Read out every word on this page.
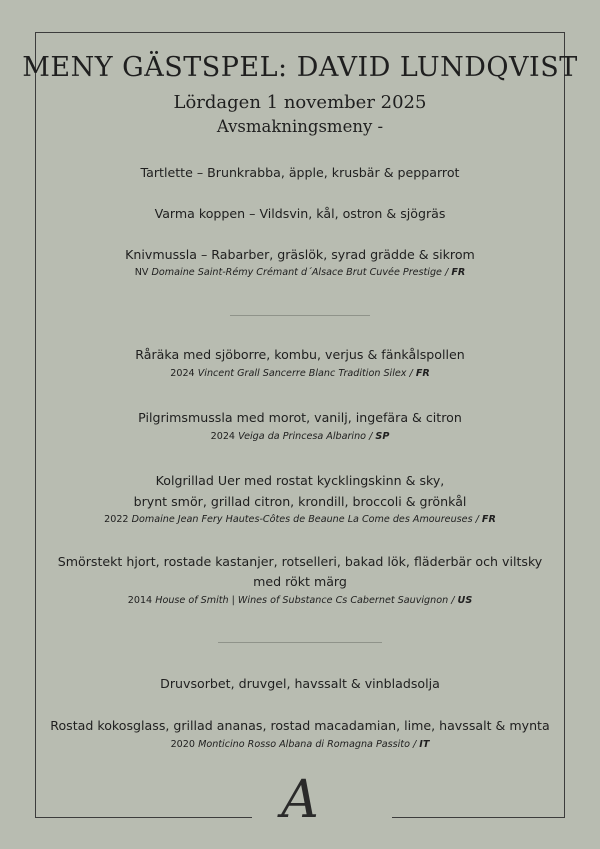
MENY GÄSTSPEL: DAVID LUNDQVIST
Lördagen 1 november 2025
Avsmakningsmeny -
Tartlette – Brunkrabba, äpple, krusbär & pepparrot
Varma koppen – Vildsvin, kål, ostron & sjögräs
Knivmussla – Rabarber, gräslök, syrad grädde & sikrom
NV Domaine Saint-Rémy Crémant d´Alsace Brut Cuvée Prestige / FR
Råräka med sjöborre, kombu, verjus & fänkålspollen
2024 Vincent Grall Sancerre Blanc Tradition Silex / FR
Pilgrimsmussla med morot, vanilj, ingefära & citron
2024 Veiga da Princesa Albarino / SP
Kolgrillad Uer med rostat kycklingskinn & sky,
brynt smör, grillad citron, krondill, broccoli & grönkål
2022 Domaine Jean Fery Hautes-Côtes de Beaune La Come des Amoureuses / FR
Smörstekt hjort, rostade kastanjer, rotselleri, bakad lök, fläderbär och viltsky
med rökt märg
2014 House of Smith | Wines of Substance Cs Cabernet Sauvignon / US
Druvsorbet, druvgel, havssalt & vinbladsolja
Rostad kokosglass, grillad ananas, rostad macadamian, lime, havssalt & mynta
2020 Monticino Rosso Albana di Romagna Passito / IT
A
